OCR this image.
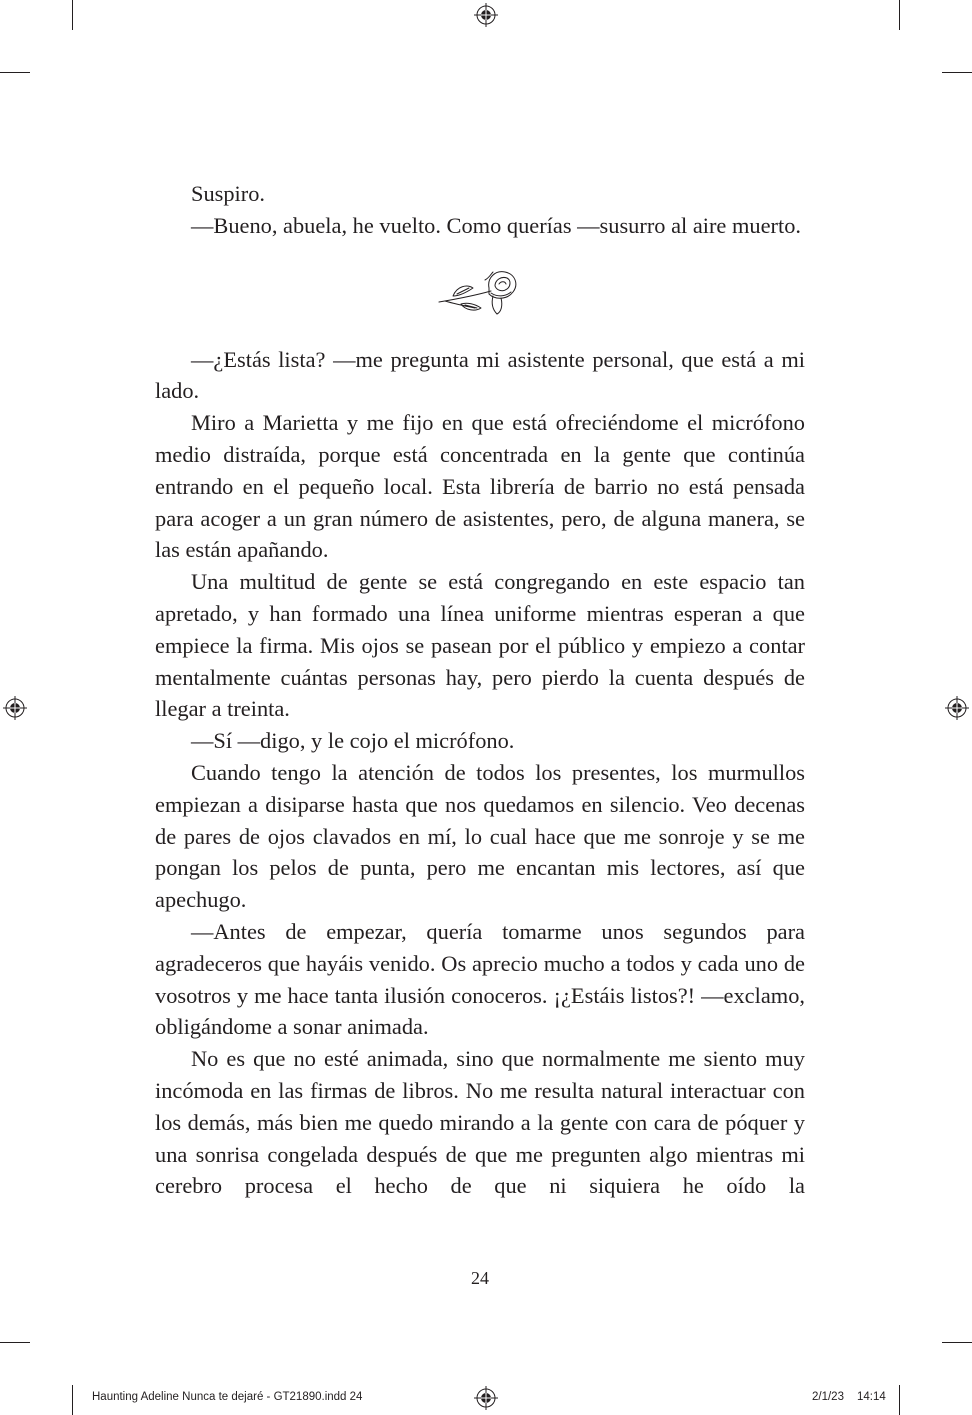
Suspiro.

—Bueno, abuela, he vuelto. Como querías —susurro al aire muerto.

—¿Estás lista? —me pregunta mi asistente personal, que está a mi lado.

Miro a Marietta y me fijo en que está ofreciéndome el micrófono medio distraída, porque está concentrada en la gente que continúa entrando en el pequeño local. Esta librería de barrio no está pensada para acoger a un gran número de asistentes, pero, de alguna manera, se las están apañando.

Una multitud de gente se está congregando en este espacio tan apretado, y han formado una línea uniforme mientras esperan a que empiece la firma. Mis ojos se pasean por el público y empiezo a contar mentalmente cuántas personas hay, pero pierdo la cuenta después de llegar a treinta.

—Sí —digo, y le cojo el micrófono.

Cuando tengo la atención de todos los presentes, los murmullos empiezan a disiparse hasta que nos quedamos en silencio. Veo decenas de pares de ojos clavados en mí, lo cual hace que me sonroje y se me pongan los pelos de punta, pero me encantan mis lectores, así que apechugo.

—Antes de empezar, quería tomarme unos segundos para agradeceros que hayáis venido. Os aprecio mucho a todos y cada uno de vosotros y me hace tanta ilusión conoceros. ¡¿Estáis listos?! —exclamo, obligándome a sonar animada.

No es que no esté animada, sino que normalmente me siento muy incómoda en las firmas de libros. No me resulta natural interactuar con los demás, más bien me quedo mirando a la gente con cara de póquer y una sonrisa congelada después de que me pregunten algo mientras mi cerebro procesa el hecho de que ni siquiera he oído la

24
Haunting Adeline Nunca te dejaré - GT21890.indd 24	2/1/23 14:14
